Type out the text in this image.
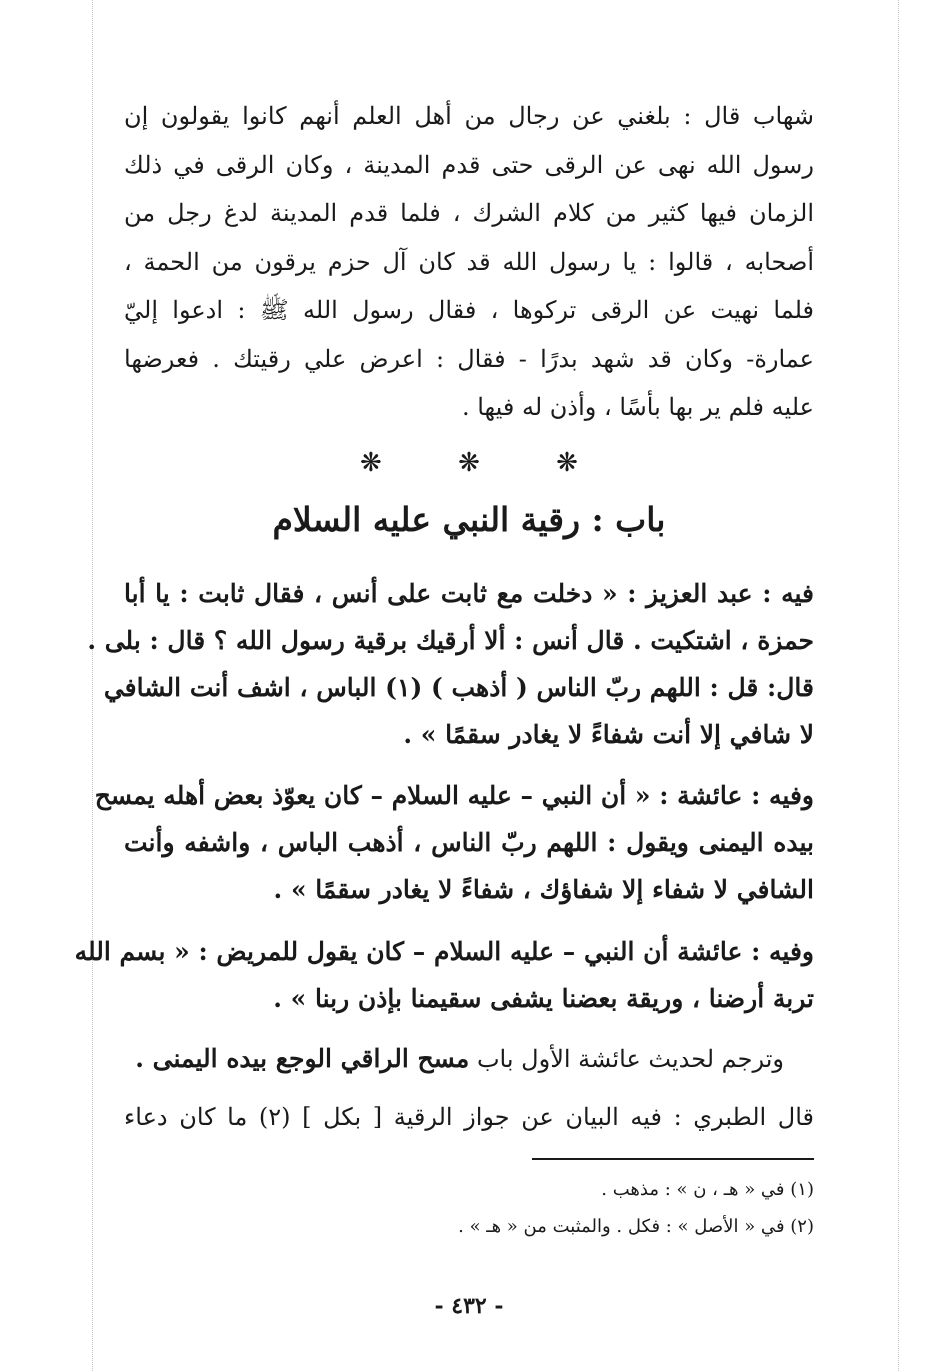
شهاب قال : بلغني عن رجال من أهل العلم أنهم كانوا يقولون إن
رسول الله نهى عن الرقى حتى قدم المدينة ، وكان الرقى في ذلك
الزمان فيها كثير من كلام الشرك ، فلما قدم المدينة لدغ رجل من
أصحابه ، قالوا : يا رسول الله قد كان آل حزم يرقون من الحمة ،
فلما نهيت عن الرقى تركوها ، فقال رسول الله ﷺ : ادعوا إليّ
عمارة- وكان قد شهد بدرًا - فقال : اعرض علي رقيتك . فعرضها
عليه فلم ير بها بأسًا ، وأذن له فيها .
❋ ❋ ❋
باب : رقية النبي عليه السلام
فيه : عبد العزيز : « دخلت مع ثابت على أنس ، فقال ثابت : يا أبا
حمزة ، اشتكيت . قال أنس : ألا أرقيك برقية رسول الله ؟ قال : بلى .
قال: قل : اللهم ربّ الناس ( أذهب ) (١) الباس ، اشف أنت الشافي
لا شافي إلا أنت شفاءً لا يغادر سقمًا » .
وفيه : عائشة : « أن النبي – عليه السلام – كان يعوّذ بعض أهله يمسح
بيده اليمنى ويقول : اللهم ربّ الناس ، أذهب الباس ، واشفه وأنت
الشافي لا شفاء إلا شفاؤك ، شفاءً لا يغادر سقمًا » .
وفيه : عائشة أن النبي – عليه السلام – كان يقول للمريض : « بسم الله
تربة أرضنا ، وريقة بعضنا يشفى سقيمنا بإذن ربنا » .
وترجم لحديث عائشة الأول باب مسح الراقي الوجع بيده اليمنى .
قال الطبري : فيه البيان عن جواز الرقية [ بكل ] (٢) ما كان دعاء
(١) في « هـ ، ن » : مذهب .
(٢) في « الأصل » : فكل . والمثبت من « هـ » .
- ٤٣٢ -
